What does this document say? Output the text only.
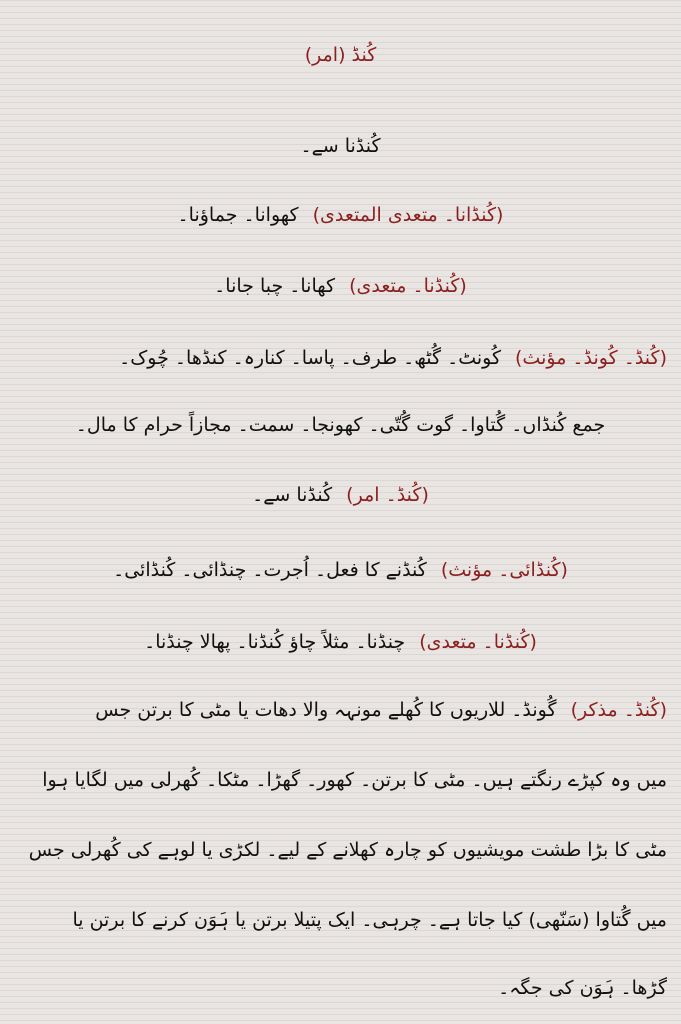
كُنڈ (امر)
كُنڈنا سے۔
(كُنڈانا۔ متعدی المتعدی)كھوانا۔ جماؤنا۔
(كُنڈنا۔ متعدی)كھانا۔ چبا جانا۔
(كُنڈ۔ كُونڈ۔ مؤنث)كُونٹ۔ گُٹھ۔ طرف۔ پاسا۔ كنارہ۔ كنڈھا۔ چُوک۔
جمع كُنڈاں۔ گُتاوا۔ گوت گُتّی۔ كھونجا۔ سمت۔ مجازاً حرام كا مال۔
(كُنڈ۔ امر)كُنڈنا سے۔
(كُنڈائی۔ مؤنث)كُنڈنے كا فعل۔ اُجرت۔ چنڈائی۔ كُنڈائی۔
(كُنڈنا۔ متعدی)چنڈنا۔ مثلاً چاؤ كُنڈنا۔ پھالا چنڈنا۔
(كُنڈ۔ مذكر)گُونڈ۔ للاریوں كا كُھلے مونہہ والا دھات یا مٹی كا برتن جس
میں وہ كپڑے رنگتے ہیں۔ مٹی كا برتن۔ كھور۔ گھڑا۔ مٹكا۔ كُھرلی میں لگایا ہوا
مٹی كا بڑا طشت مویشیوں كو چارہ كھلانے كے لیے۔ لكڑی یا لوہے كی كُھرلی جس
میں گُتاوا (سَنّھی) كیا جاتا ہے۔ چرہی۔ ایک پتیلا برتن یا ہَوَن كرنے كا برتن یا
گڑھا۔ ہَوَن كی جگہ۔
